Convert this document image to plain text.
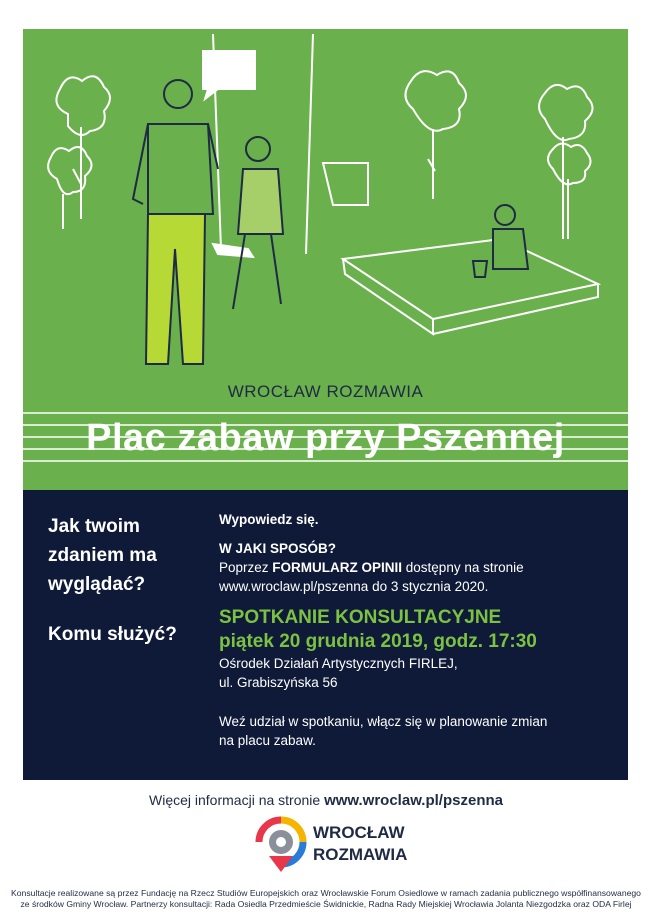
WROCŁAW ROZMAWIA
Plac zabaw przy Pszennej
Jak twoim zdaniem ma wyglądać?
Komu służyć?
Wypowiedz się.
W JAKI SPOSÓB?
Poprzez FORMULARZ OPINII dostępny na stronie
www.wroclaw.pl/pszenna do 3 stycznia 2020.
SPOTKANIE KONSULTACYJNE
piątek 20 grudnia 2019, godz. 17:30
Ośrodek Działań Artystycznych FIRLEJ,
ul. Grabiszyńska 56
Weź udział w spotkaniu, włącz się w planowanie zmian
na placu zabaw.
Więcej informacji na stronie www.wroclaw.pl/pszenna
WROCŁAW
ROZMAWIA
Konsultacje realizowane są przez Fundację na Rzecz Studiów Europejskich oraz Wrocławskie Forum Osiedlowe w ramach zadania publicznego współfinansowanego
ze środków Gminy Wrocław. Partnerzy konsultacji: Rada Osiedla Przedmieście Świdnickie, Radna Rady Miejskiej Wrocławia Jolanta Niezgodzka oraz ODA Firlej
